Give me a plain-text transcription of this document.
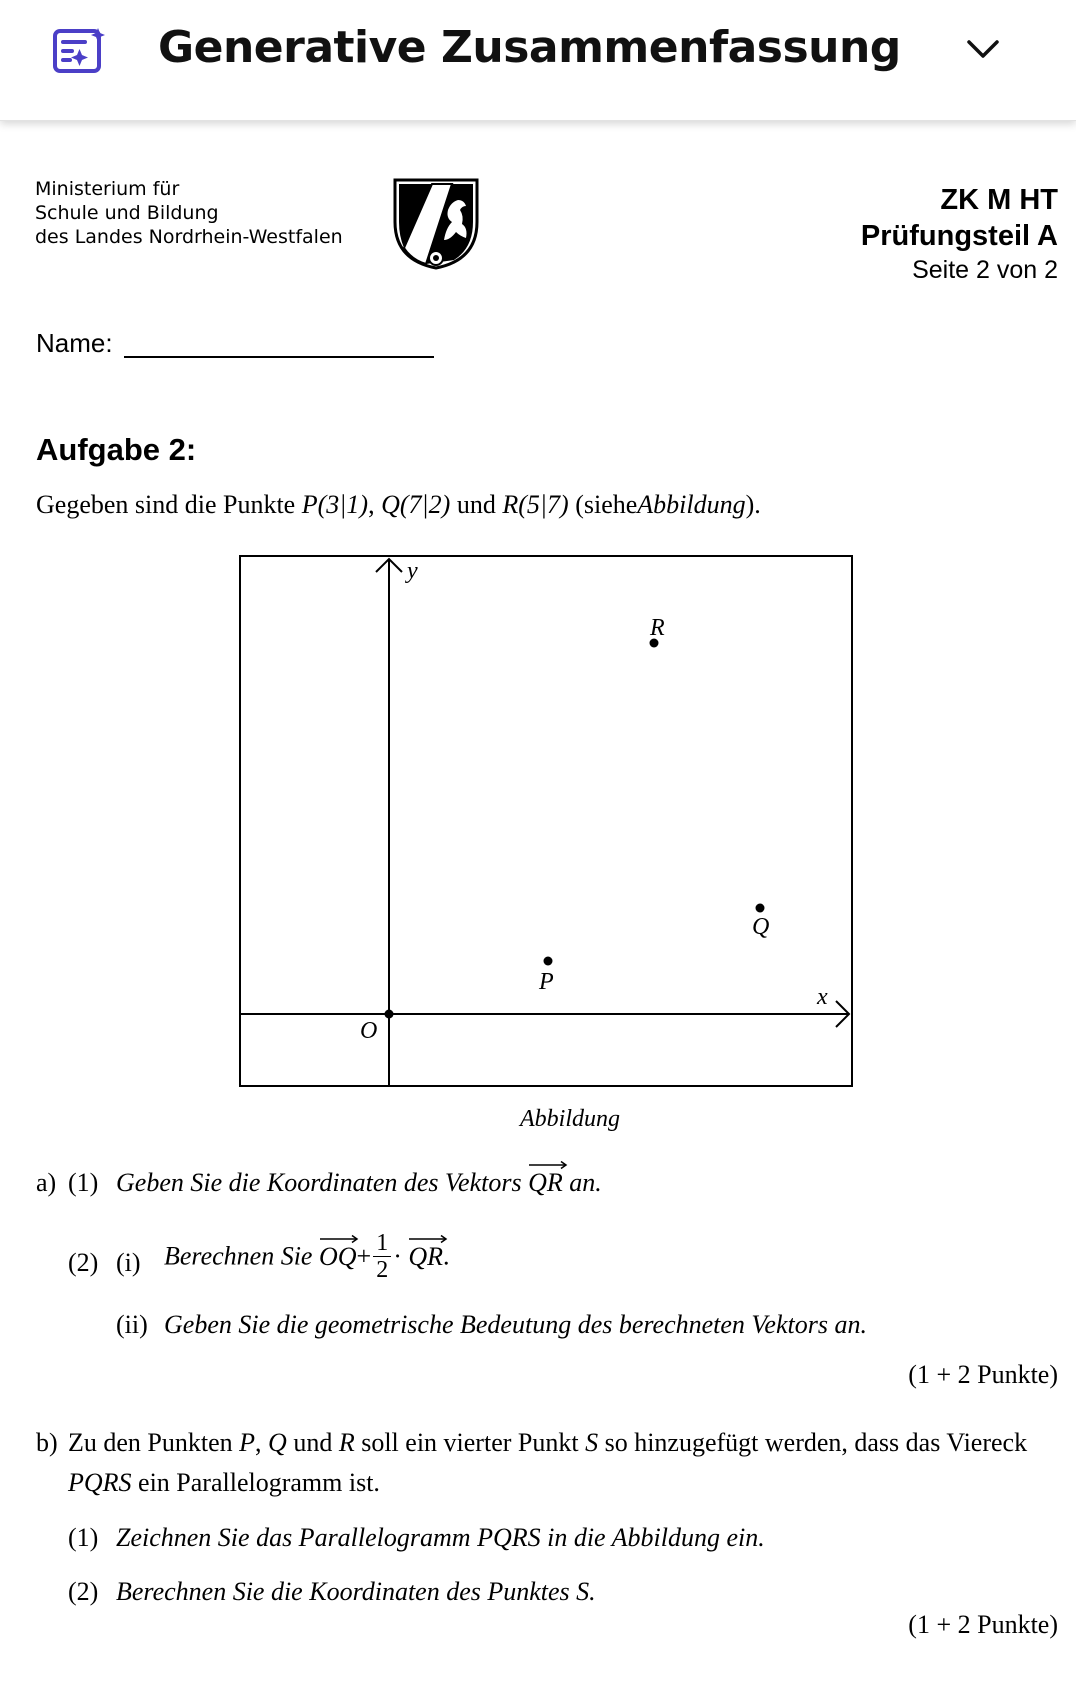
Generative Zusammenfassung
Ministerium für
Schule und Bildung
des Landes Nordrhein-Westfalen
ZK M HT
Prüfungsteil A
Seite 2 von 2
Name:
Aufgabe 2:
Gegeben sind die Punkte P(3|1), Q(7|2) und R(5|7) (sieheAbbildung).
y
x
O
P
Q
R
Abbildung
a) (1) Geben Sie die Koordinaten des Vektors QR an.
(2) (i) Berechnen Sie $OQ+ \frac{1}{2}$ · QR.
(ii) Geben Sie die geometrische Bedeutung des berechneten Vektors an.
(1 + 2 Punkte)
b) Zu den Punkten P, Q und R soll ein vierter Punkt S so hinzugefügt werden, dass das Viereck
PQRS ein Parallelogramm ist.
(1) Zeichnen Sie das Parallelogramm PQRS in die Abbildung ein.
(2) Berechnen Sie die Koordinaten des Punktes S.
(1 + 2 Punkte)
